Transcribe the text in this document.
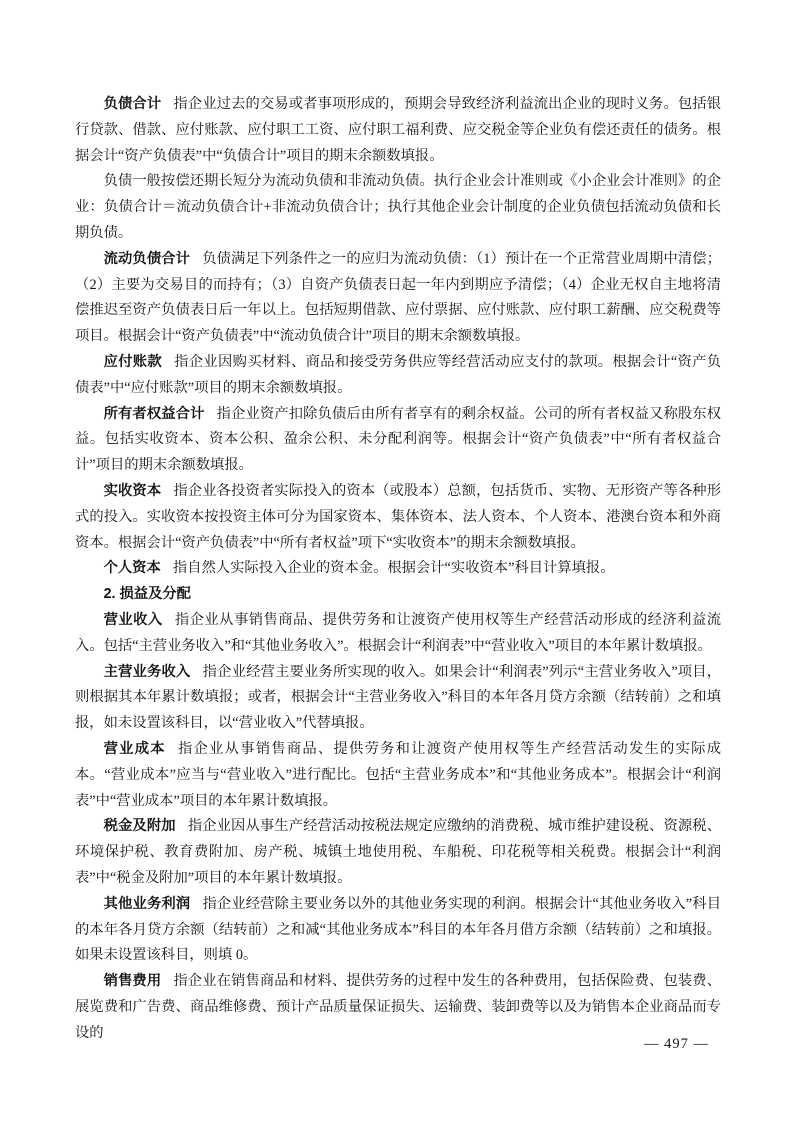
负债合计 指企业过去的交易或者事项形成的，预期会导致经济利益流出企业的现时义务。包括银行贷款、借款、应付账款、应付职工工资、应付职工福利费、应交税金等企业负有偿还责任的债务。根据会计“资产负债表”中“负债合计”项目的期末余额数填报。

负债一般按偿还期长短分为流动负债和非流动负债。执行企业会计准则或《小企业会计准则》的企业：负债合计＝流动负债合计+非流动负债合计；执行其他企业会计制度的企业负债包括流动负债和长期负债。

流动负债合计 负债满足下列条件之一的应归为流动负债：（1）预计在一个正常营业周期中清偿；（2）主要为交易目的而持有；（3）自资产负债表日起一年内到期应予清偿；（4）企业无权自主地将清偿推迟至资产负债表日后一年以上。包括短期借款、应付票据、应付账款、应付职工薪酬、应交税费等项目。根据会计“资产负债表”中“流动负债合计”项目的期末余额数填报。

应付账款 指企业因购买材料、商品和接受劳务供应等经营活动应支付的款项。根据会计“资产负债表”中“应付账款”项目的期末余额数填报。

所有者权益合计 指企业资产扣除负债后由所有者享有的剩余权益。公司的所有者权益又称股东权益。包括实收资本、资本公积、盈余公积、未分配利润等。根据会计“资产负债表”中“所有者权益合计”项目的期末余额数填报。

实收资本 指企业各投资者实际投入的资本（或股本）总额，包括货币、实物、无形资产等各种形式的投入。实收资本按投资主体可分为国家资本、集体资本、法人资本、个人资本、港澳台资本和外商资本。根据会计“资产负债表”中“所有者权益”项下“实收资本”的期末余额数填报。

个人资本 指自然人实际投入企业的资本金。根据会计“实收资本”科目计算填报。

2. 损益及分配

营业收入 指企业从事销售商品、提供劳务和让渡资产使用权等生产经营活动形成的经济利益流入。包括“主营业务收入”和“其他业务收入”。根据会计“利润表”中“营业收入”项目的本年累计数填报。

主营业务收入 指企业经营主要业务所实现的收入。如果会计“利润表”列示“主营业务收入”项目，则根据其本年累计数填报；或者，根据会计“主营业务收入”科目的本年各月贷方余额（结转前）之和填报，如未设置该科目，以“营业收入”代替填报。

营业成本 指企业从事销售商品、提供劳务和让渡资产使用权等生产经营活动发生的实际成本。“营业成本”应当与“营业收入”进行配比。包括“主营业务成本”和“其他业务成本”。根据会计“利润表”中“营业成本”项目的本年累计数填报。

税金及附加 指企业因从事生产经营活动按税法规定应缴纳的消费税、城市维护建设税、资源税、环境保护税、教育费附加、房产税、城镇土地使用税、车船税、印花税等相关税费。根据会计“利润表”中“税金及附加”项目的本年累计数填报。

其他业务利润 指企业经营除主要业务以外的其他业务实现的利润。根据会计“其他业务收入”科目的本年各月贷方余额（结转前）之和减“其他业务成本”科目的本年各月借方余额（结转前）之和填报。如果未设置该科目，则填 0。

销售费用 指企业在销售商品和材料、提供劳务的过程中发生的各种费用，包括保险费、包装费、展览费和广告费、商品维修费、预计产品质量保证损失、运输费、装卸费等以及为销售本企业商品而专设的

— 497 —
